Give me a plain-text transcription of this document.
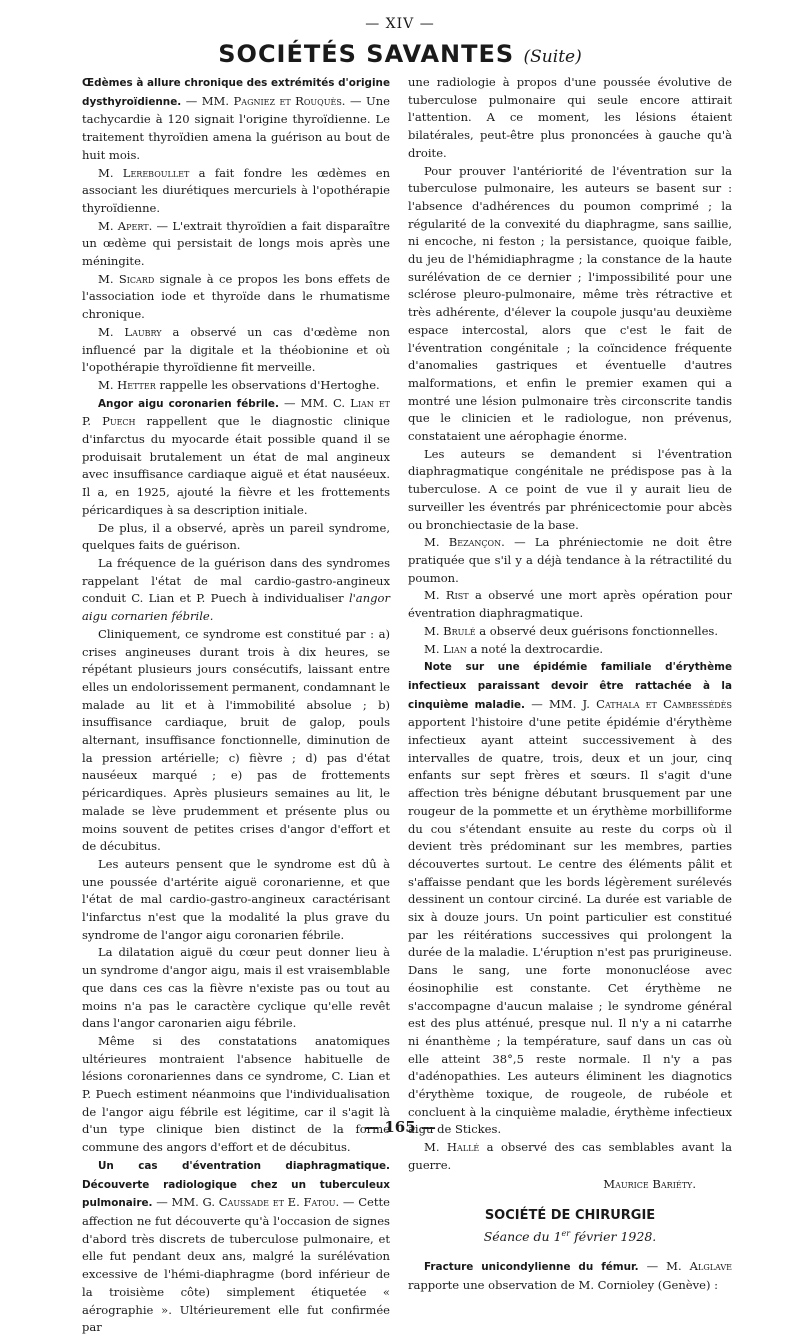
— XIV —
SOCIÉTÉS SAVANTES (Suite)

Œdèmes à allure chronique des extrémités d'origine dysthyroïdienne. — MM. Pagniez et Rouquès. — Une tachycardie à 120 signait l'origine thyroïdienne. Le traitement thyroïdien amena la guérison au bout de huit mois.

M. Lereboullet a fait fondre les œdèmes en associant les diurétiques mercuriels à l'opothérapie thyroïdienne.

M. Apert. — L'extrait thyroïdien a fait disparaître un œdème qui persistait de longs mois après une méningite.

M. Sicard signale à ce propos les bons effets de l'association iode et thyroïde dans le rhumatisme chronique.

M. Laubry a observé un cas d'œdème non influencé par la digitale et la théobionine et où l'opothérapie thyroïdienne fit merveille.

M. Hetter rappelle les observations d'Hertoghe.

Angor aigu coronarien fébrile. — MM. C. Lian et P. Puech rappellent que le diagnostic clinique d'infarctus du myocarde était possible quand il se produisait brutalement un état de mal angineux avec insuffisance cardiaque aiguë et état nauséeux. Il a, en 1925, ajouté la fièvre et les frottements péricardiques à sa description initiale.

De plus, il a observé, après un pareil syndrome, quelques faits de guérison.

La fréquence de la guérison dans des syndromes rappelant l'état de mal cardio-gastro-angineux conduit C. Lian et P. Puech à individualiser l'angor aigu cornarien fébrile.

Cliniquement, ce syndrome est constitué par : a) crises angineuses durant trois à dix heures, se répétant plusieurs jours consécutifs, laissant entre elles un endolorissement permanent, condamnant le malade au lit et à l'immobilité absolue ; b) insuffisance cardiaque, bruit de galop, pouls alternant, insuffisance fonctionnelle, diminution de la pression artérielle; c) fièvre ; d) pas d'état nauséeux marqué ; e) pas de frottements péricardiques. Après plusieurs semaines au lit, le malade se lève prudemment et présente plus ou moins souvent de petites crises d'angor d'effort et de décubitus.

Les auteurs pensent que le syndrome est dû à une poussée d'artérite aiguë coronarienne, et que l'état de mal cardio-gastro-angineux caractérisant l'infarctus n'est que la modalité la plus grave du syndrome de l'angor aigu coronarien fébrile.

La dilatation aiguë du cœur peut donner lieu à un syndrome d'angor aigu, mais il est vraisemblable que dans ces cas la fièvre n'existe pas ou tout au moins n'a pas le caractère cyclique qu'elle revêt dans l'angor caronarien aigu fébrile.

Même si des constatations anatomiques ultérieures montraient l'absence habituelle de lésions coronariennes dans ce syndrome, C. Lian et P. Puech estiment néanmoins que l'individualisation de l'angor aigu fébrile est légitime, car il s'agit là d'un type clinique bien distinct de la forme commune des angors d'effort et de décubitus.

Un cas d'éventration diaphragmatique. Découverte radiologique chez un tuberculeux pulmonaire. — MM. G. Caussade et E. Fatou. — Cette affection ne fut découverte qu'à l'occasion de signes d'abord très discrets de tuberculose pulmonaire, et elle fut pendant deux ans, malgré la surélévation excessive de l'hémi-diaphragme (bord inférieur de la troisième côte) simplement étiquetée « aérographie ». Ultérieurement elle fut confirmée par

une radiologie à propos d'une poussée évolutive de tuberculose pulmonaire qui seule encore attirait l'attention. A ce moment, les lésions étaient bilatérales, peut-être plus prononcées à gauche qu'à droite.

Pour prouver l'antériorité de l'éventration sur la tuberculose pulmonaire, les auteurs se basent sur : l'absence d'adhérences du poumon comprimé ; la régularité de la convexité du diaphragme, sans saillie, ni encoche, ni feston ; la persistance, quoique faible, du jeu de l'hémidiaphragme ; la constance de la haute surélévation de ce dernier ; l'impossibilité pour une sclérose pleuro-pulmonaire, même très rétractive et très adhérente, d'élever la coupole jusqu'au deuxième espace intercostal, alors que c'est le fait de l'éventration congénitale ; la coïncidence fréquente d'anomalies gastriques et éventuelle d'autres malformations, et enfin le premier examen qui a montré une lésion pulmonaire très circonscrite tandis que le clinicien et le radiologue, non prévenus, constataient une aérophagie énorme.

Les auteurs se demandent si l'éventration diaphragmatique congénitale ne prédispose pas à la tuberculose. A ce point de vue il y aurait lieu de surveiller les éventrés par phrénicectomie pour abcès ou bronchiectasie de la base.

M. Bezançon. — La phréniectomie ne doit être pratiquée que s'il y a déjà tendance à la rétractilité du poumon.

M. Rist a observé une mort après opération pour éventration diaphragmatique.

M. Brulé a observé deux guérisons fonctionnelles.

M. Lian a noté la dextrocardie.

Note sur une épidémie familiale d'érythème infectieux paraissant devoir être rattachée à la cinquième maladie. — MM. J. Cathala et Cambessédès apportent l'histoire d'une petite épidémie d'érythème infectieux ayant atteint successivement à des intervalles de quatre, trois, deux et un jour, cinq enfants sur sept frères et sœurs. Il s'agit d'une affection très bénigne débutant brusquement par une rougeur de la pommette et un érythème morbilliforme du cou s'étendant ensuite au reste du corps où il devient très prédominant sur les membres, parties découvertes surtout. Le centre des éléments pâlit et s'affaisse pendant que les bords légèrement surélevés dessinent un contour circiné. La durée est variable de six à douze jours. Un point particulier est constitué par les réitérations successives qui prolongent la durée de la maladie. L'éruption n'est pas prurigineuse. Dans le sang, une forte mononucléose avec éosinophilie est constante. Cet érythème ne s'accompagne d'aucun malaise ; le syndrome général est des plus atténué, presque nul. Il n'y a ni catarrhe ni énanthème ; la température, sauf dans un cas où elle atteint 38°,5 reste normale. Il n'y a pas d'adénopathies. Les auteurs éliminent les diagnotics d'érythème toxique, de rougeole, de rubéole et concluent à la cinquième maladie, érythème infectieux aigu de Stickes.

M. Hallé a observé des cas semblables avant la guerre.

Maurice Bariéty.

SOCIÉTÉ DE CHIRURGIE

Séance du 1er février 1928.

Fracture unicondylienne du fémur. — M. Alglave rapporte une observation de M. Cornioley (Genève) :

— 165 —
